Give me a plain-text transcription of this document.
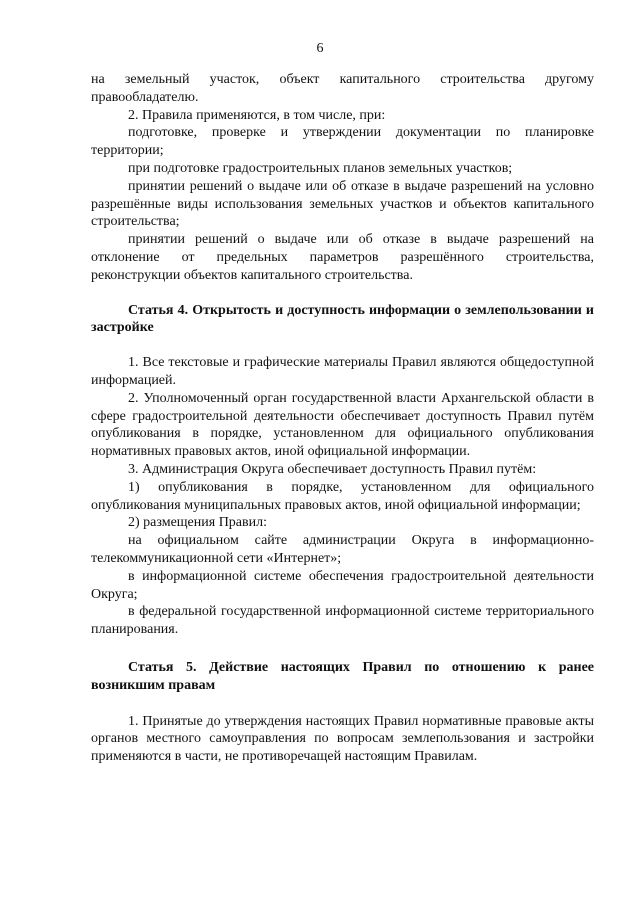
6

на земельный участок, объект капитального строительства другому правообладателю.

2. Правила применяются, в том числе, при:

подготовке, проверке и утверждении документации по планировке территории;

при подготовке градостроительных планов земельных участков;

принятии решений о выдаче или об отказе в выдаче разрешений на условно разрешённые виды использования земельных участков и объектов капитального строительства;

принятии решений о выдаче или об отказе в выдаче разрешений на отклонение от предельных параметров разрешённого строительства, реконструкции объектов капитального строительства.

Статья 4. Открытость и доступность информации о землепользовании и застройке

1. Все текстовые и графические материалы Правил являются общедоступной информацией.

2. Уполномоченный орган государственной власти Архангельской области в сфере градостроительной деятельности обеспечивает доступность Правил путём опубликования в порядке, установленном для официального опубликования нормативных правовых актов, иной официальной информации.

3. Администрация Округа обеспечивает доступность Правил путём:

1) опубликования в порядке, установленном для официального опубликования муниципальных правовых актов, иной официальной информации;

2) размещения Правил:

на официальном сайте администрации Округа в информационно-телекоммуникационной сети «Интернет»;

в информационной системе обеспечения градостроительной деятельности Округа;

в федеральной государственной информационной системе территориального планирования.

Статья 5. Действие настоящих Правил по отношению к ранее возникшим правам

1. Принятые до утверждения настоящих Правил нормативные правовые акты органов местного самоуправления по вопросам землепользования и застройки применяются в части, не противоречащей настоящим Правилам.
